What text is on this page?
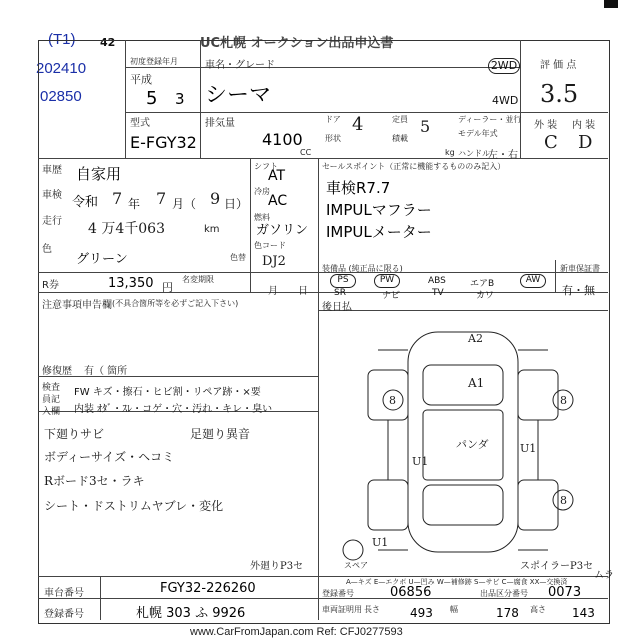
(T1)
202410
02850
42	UC札幌 オークション出品申込書
初度登録年月
平成
5 3
車名・グレード
シーマ
2WD
4WD
評 価 点
3.5
外 装 内 装
C D
型式
E-FGY32
排気量
4100
CC
ドア
形状
4	定員
積載
5
kg
ディーラー・並行
モデル年式
ハンドル
左・右
車歴 自家用
車検 令和 7 年 7 月（ 9 日）
走行 4 万4千063	km
色
グリーン	色替
シフト
AT
冷房
AC
燃料
ガソリン
色コード
DJ2
R券	13,350 円
名変期限
月 日
セールスポイント（正常に機能するもののみ記入）
車検R7.7
IMPULマフラー
IMPULメーター
装備品 (純正品に限る)
PS	PW	ABS	エアB	AW
SR	ナビ	TV	カワ
新車保証書
有・無
注意事項申告欄 (不具合箇所等を必ずご記入下さい)
修復歴 有（ 箇所
後日払
検査員記入欄
FW キズ・擦石・ヒビ割・リペア跡・×要
内装 ｵﾀﾞ・ｽﾚ・コゲ・穴・汚れ・キレ・臭い
下廻りサビ
ボディーサイズ・ヘコミ
Rボード3セ・ラキ
シート・ドストリムヤブレ・変化
足廻り異音
A2
A1
パンダ
U1
U1
U1
8	8
8
スペア
外廻りP3セ	スポイラーP3セ
ムラ
A—キズ E—エクボ U—凹み W—補修跡 S—サビ C—腐食 XX—交換済
車台番号	FGY32-226260
登録番号	札幌 303 ふ 9926
登録番号	06856	出品区分番号 0073
車両証明用 長さ	493 幅	178 高さ 143
www.CarFromJapan.com Ref: CFJ0277593
